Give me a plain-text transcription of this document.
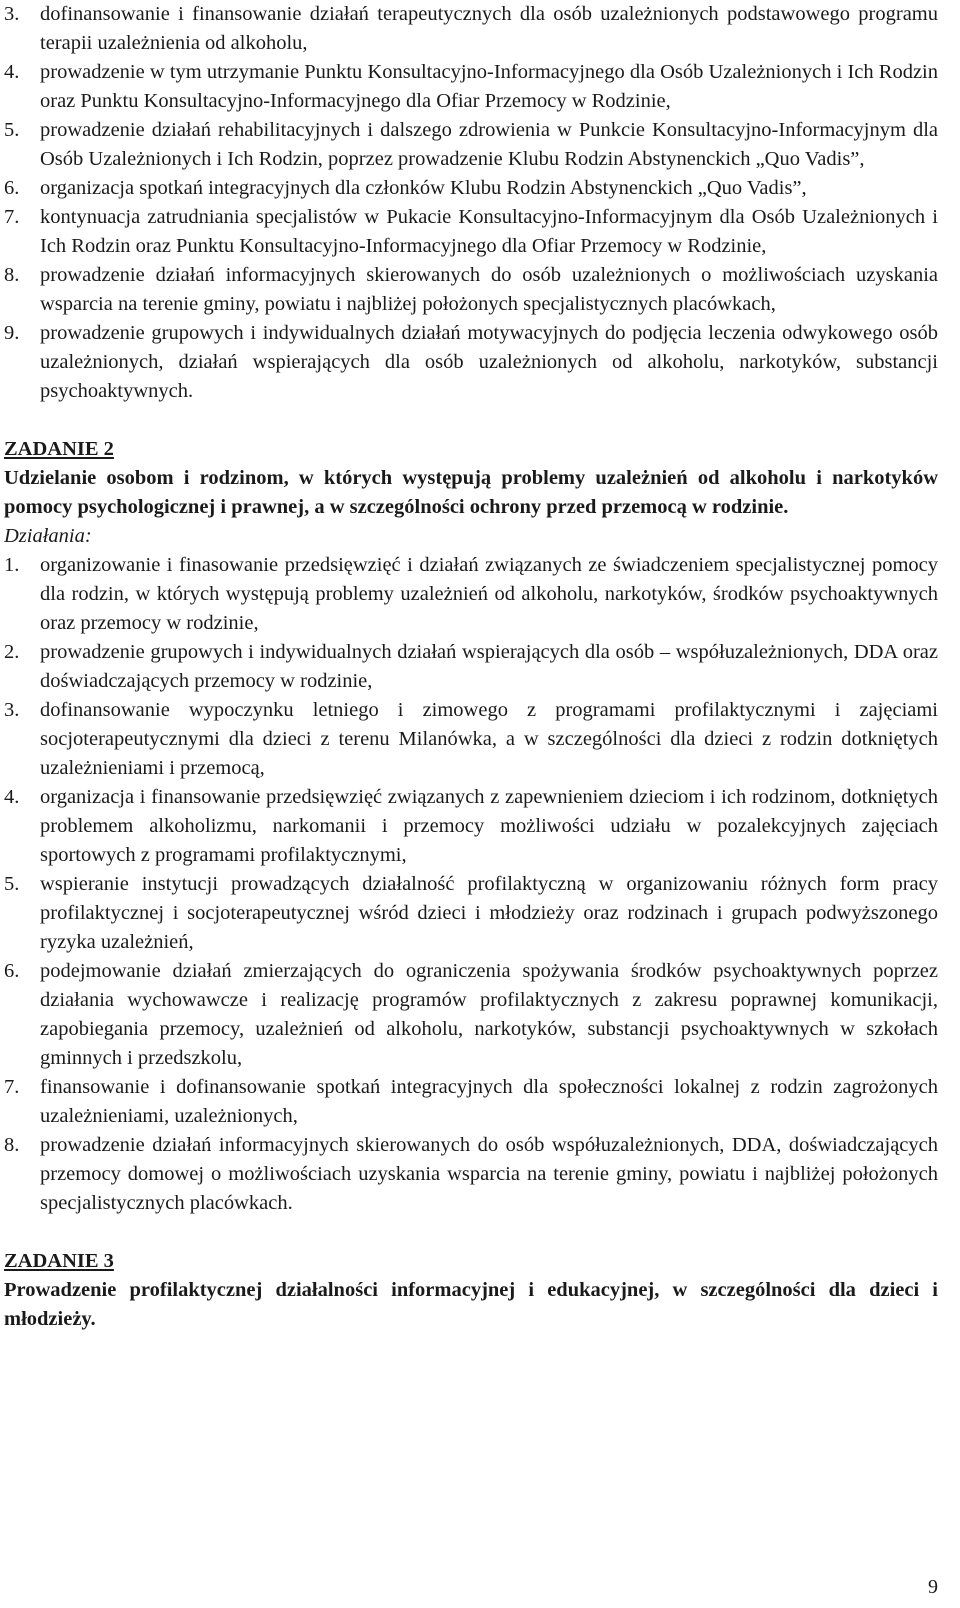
3. dofinansowanie i finansowanie działań terapeutycznych dla osób uzależnionych podstawowego programu terapii uzależnienia od alkoholu,
4. prowadzenie w tym utrzymanie Punktu Konsultacyjno-Informacyjnego dla Osób Uzależnionych i Ich Rodzin oraz Punktu Konsultacyjno-Informacyjnego dla Ofiar Przemocy w Rodzinie,
5. prowadzenie działań rehabilitacyjnych i dalszego zdrowienia w Punkcie Konsultacyjno-Informacyjnym dla Osób Uzależnionych i Ich Rodzin, poprzez prowadzenie Klubu Rodzin Abstynenckich „Quo Vadis”,
6. organizacja spotkań integracyjnych dla członków Klubu Rodzin Abstynenckich „Quo Vadis”,
7. kontynuacja zatrudniania specjalistów w Pukacie Konsultacyjno-Informacyjnym dla Osób Uzależnionych i Ich Rodzin oraz Punktu Konsultacyjno-Informacyjnego dla Ofiar Przemocy w Rodzinie,
8. prowadzenie działań informacyjnych skierowanych do osób uzależnionych o możliwościach uzyskania wsparcia na terenie gminy, powiatu i najbliżej położonych specjalistycznych placówkach,
9. prowadzenie grupowych i indywidualnych działań motywacyjnych do podjęcia leczenia odwykowego osób uzależnionych, działań wspierających dla osób uzależnionych od alkoholu, narkotyków, substancji psychoaktywnych.
ZADANIE 2
Udzielanie osobom i rodzinom, w których występują problemy uzależnień od alkoholu i narkotyków pomocy psychologicznej i prawnej, a w szczególności ochrony przed przemocą w rodzinie.
Działania:
1. organizowanie i finasowanie przedsięwzięć i działań związanych ze świadczeniem specjalistycznej pomocy dla rodzin, w których występują problemy uzależnień od alkoholu, narkotyków, środków psychoaktywnych oraz przemocy w rodzinie,
2. prowadzenie grupowych i indywidualnych działań wspierających dla osób – współuzależnionych, DDA oraz doświadczających przemocy w rodzinie,
3. dofinansowanie wypoczynku letniego i zimowego z programami profilaktycznymi i zajęciami socjoterapeutycznymi dla dzieci z terenu Milanówka, a w szczególności dla dzieci z rodzin dotkniętych uzależnieniami i przemocą,
4. organizacja i finansowanie przedsięwzięć związanych z zapewnieniem dzieciom i ich rodzinom, dotkniętych problemem alkoholizmu, narkomanii i przemocy możliwości udziału w pozalekcyjnych zajęciach sportowych z programami profilaktycznymi,
5. wspieranie instytucji prowadzących działalność profilaktyczną w organizowaniu różnych form pracy profilaktycznej i socjoterapeutycznej wśród dzieci i młodzieży oraz rodzinach i grupach podwyższonego ryzyka uzależnień,
6. podejmowanie działań zmierzających do ograniczenia spożywania środków psychoaktywnych poprzez działania wychowawcze i realizację programów profilaktycznych z zakresu poprawnej komunikacji, zapobiegania przemocy, uzależnień od alkoholu, narkotyków, substancji psychoaktywnych w szkołach gminnych i przedszkolu,
7. finansowanie i dofinansowanie spotkań integracyjnych dla społeczności lokalnej z rodzin zagrożonych uzależnieniami, uzależnionych,
8. prowadzenie działań informacyjnych skierowanych do osób współuzależnionych, DDA, doświadczających przemocy domowej o możliwościach uzyskania wsparcia na terenie gminy, powiatu i najbliżej położonych specjalistycznych placówkach.
ZADANIE 3
Prowadzenie profilaktycznej działalności informacyjnej i edukacyjnej, w szczególności dla dzieci i młodzieży.
9
